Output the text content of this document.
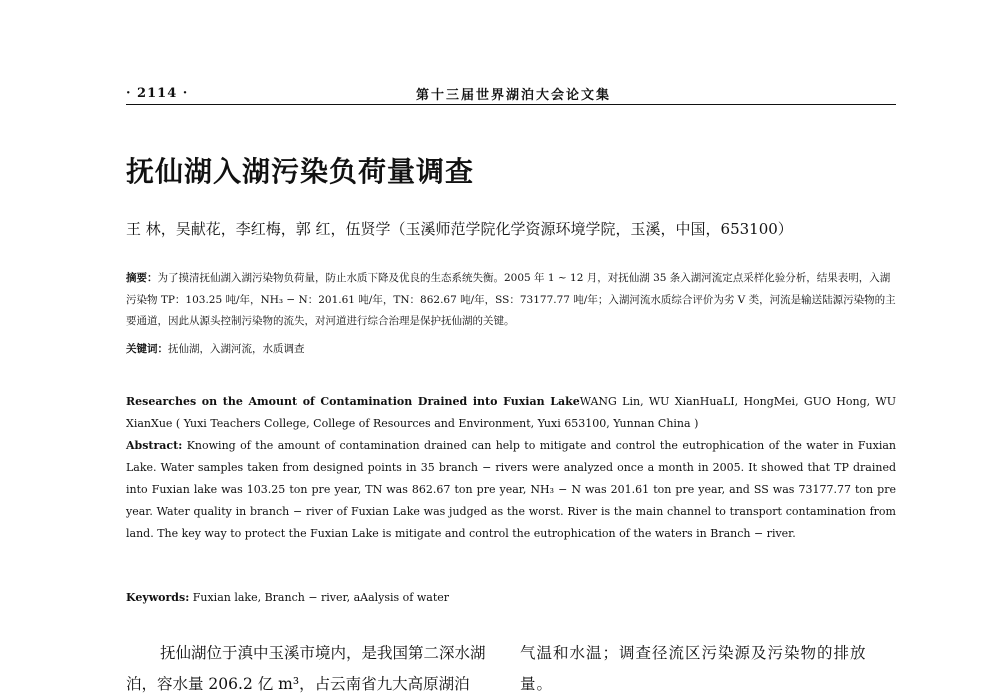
· 2114 ·	第十三届世界湖泊大会论文集
抚仙湖入湖污染负荷量调查
王 林，吴献花，李红梅，郭 红，伍贤学（玉溪师范学院化学资源环境学院，玉溪，中国，653100）
摘要：为了摸清抚仙湖入湖污染物负荷量，防止水质下降及优良的生态系统失衡。2005 年 1 ~ 12 月，对抚仙湖 35 条入湖河流定点采样化验分析，结果表明，入湖污染物 TP：103.25 吨/年，NH₃ − N：201.61 吨/年，TN：862.67 吨/年，SS：73177.77 吨/年；入湖河流水质综合评价为劣 V 类，河流是输送陆源污染物的主要通道，因此从源头控制污染物的流失，对河道进行综合治理是保护抚仙湖的关键。
关键词：抚仙湖，入湖河流，水质调查

Researches on the Amount of Contamination Drained into Fuxian LakeWANG Lin, WU XianHuaLI, HongMei, GUO Hong, WU XianXue ( Yuxi Teachers College, College of Resources and Environment, Yuxi 653100, Yunnan China )

Abstract: Knowing of the amount of contamination drained can help to mitigate and control the eutrophication of the water in Fuxian Lake. Water samples taken from designed points in 35 branch − rivers were analyzed once a month in 2005. It showed that TP drained into Fuxian lake was 103.25 ton pre year, TN was 862.67 ton pre year, NH₃ − N was 201.61 ton pre year, and SS was 73177.77 ton pre year. Water quality in branch − river of Fuxian Lake was judged as the worst. River is the main channel to transport contamination from land. The key way to protect the Fuxian Lake is mitigate and control the eutrophication of the waters in Branch − river.

Keywords: Fuxian lake, Branch − river, aAalysis of water
抚仙湖位于滇中玉溪市境内，是我国第二深水湖泊，容水量 206.2 亿 m³，占云南省九大高原湖泊
气温和水温；调查径流区污染源及污染物的排放量。
